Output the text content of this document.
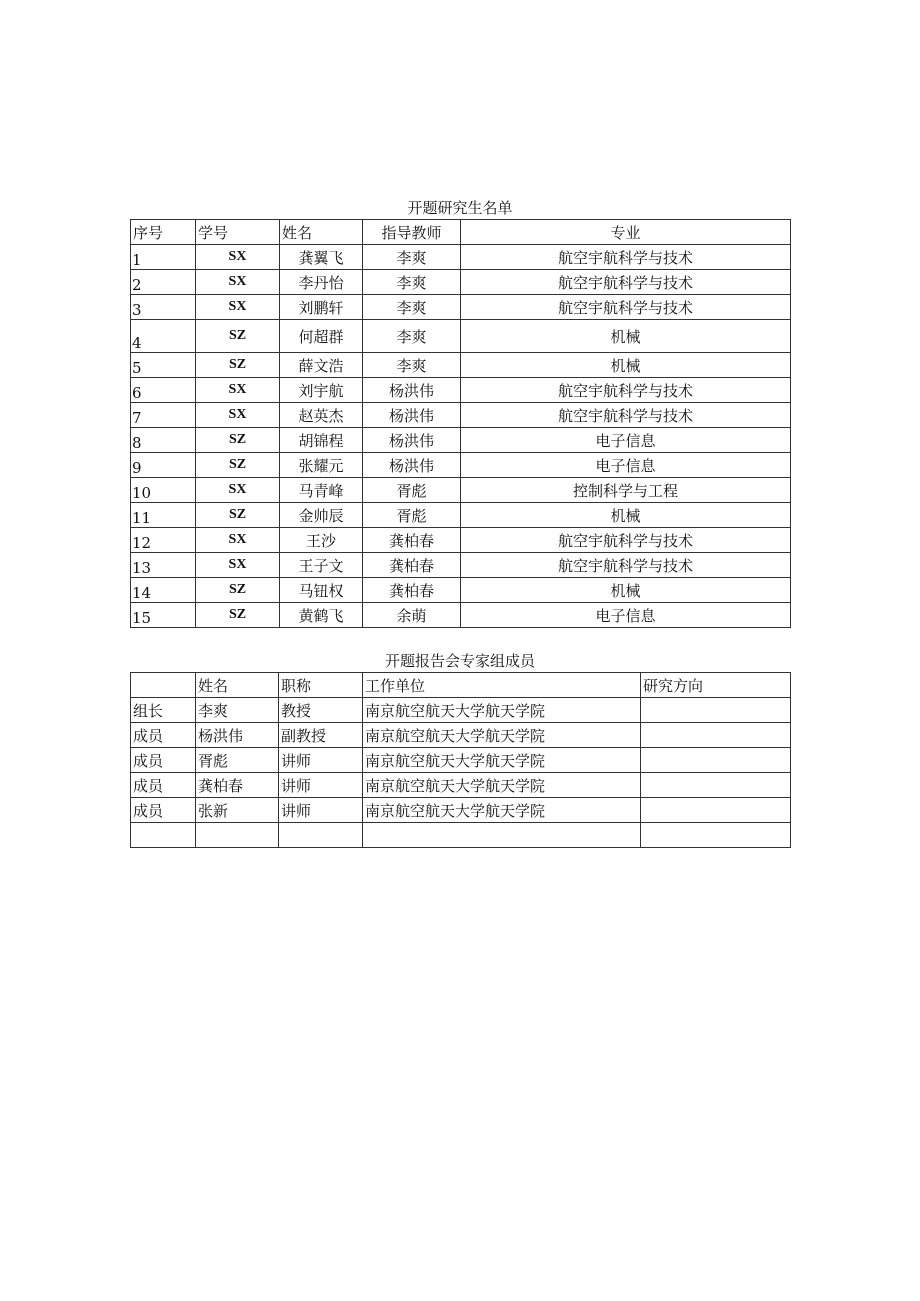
开题研究生名单
序号	学号	姓名	指导教师	专业
1	SX	龚翼飞	李爽	航空宇航科学与技术
2	SX	李丹怡	李爽	航空宇航科学与技术
3	SX	刘鹏轩	李爽	航空宇航科学与技术
4	SZ	何超群	李爽	机械
5	SZ	薛文浩	李爽	机械
6	SX	刘宇航	杨洪伟	航空宇航科学与技术
7	SX	赵英杰	杨洪伟	航空宇航科学与技术
8	SZ	胡锦程	杨洪伟	电子信息
9	SZ	张耀元	杨洪伟	电子信息
10	SX	马青峰	胥彪	控制科学与工程
11	SZ	金帅辰	胥彪	机械
12	SX	王沙	龚柏春	航空宇航科学与技术
13	SX	王子文	龚柏春	航空宇航科学与技术
14	SZ	马钮权	龚柏春	机械
15	SZ	黄鹤飞	余萌	电子信息
开题报告会专家组成员
	姓名	职称	工作单位	研究方向
组长	李爽	教授	南京航空航天大学航天学院	
成员	杨洪伟	副教授	南京航空航天大学航天学院	
成员	胥彪	讲师	南京航空航天大学航天学院	
成员	龚柏春	讲师	南京航空航天大学航天学院	
成员	张新	讲师	南京航空航天大学航天学院	
